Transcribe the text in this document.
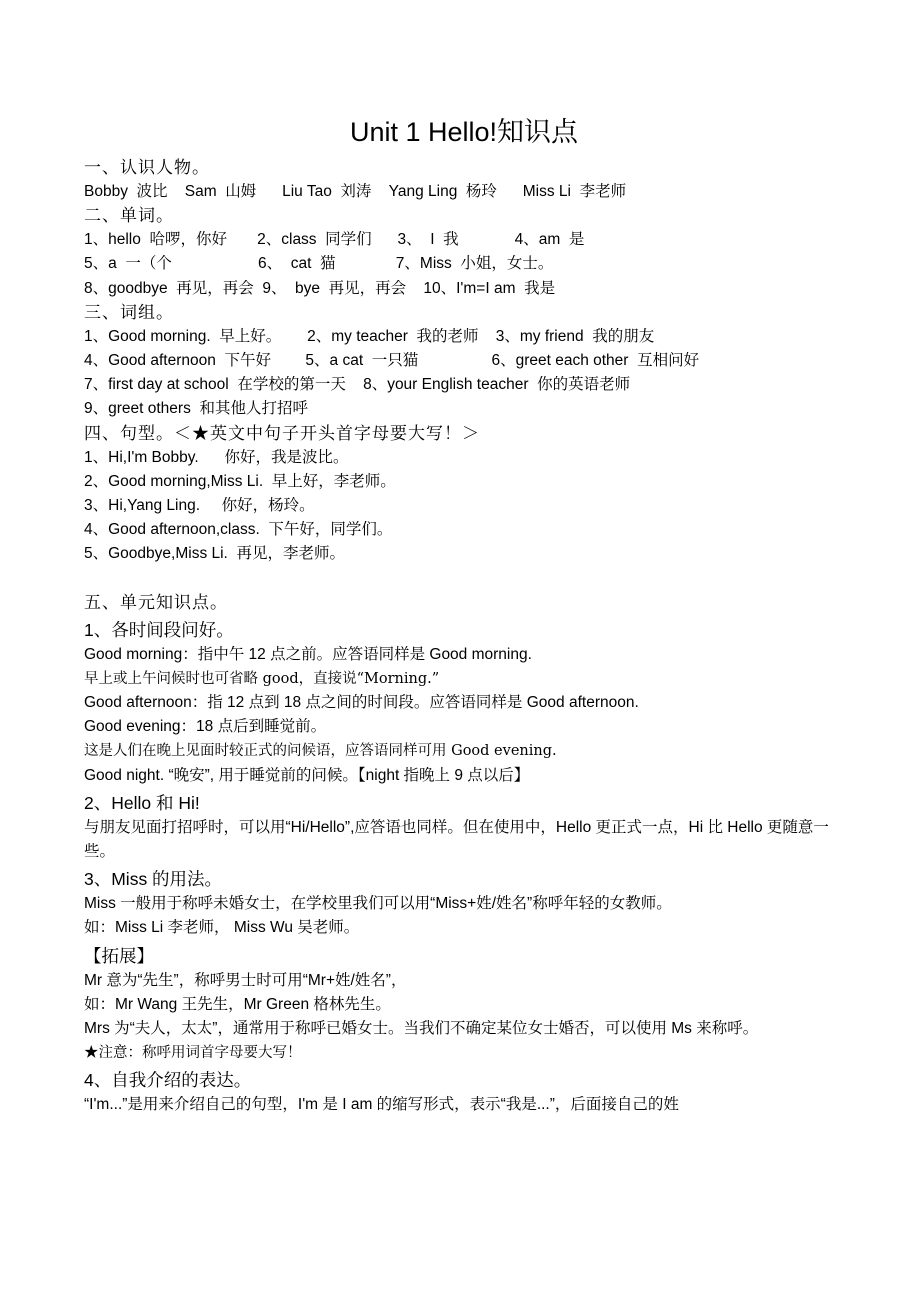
Unit 1 Hello!知识点
一、认识人物。
Bobby  波比    Sam  山姆      Liu Tao  刘涛    Yang Ling  杨玲      Miss Li  李老师
二、单词。
1、hello  哈啰，你好       2、class  同学们      3、  I  我             4、am  是
5、a  一（个                    6、  cat  猫              7、Miss  小姐，女士。
8、goodbye  再见，再会  9、  bye  再见，再会    10、I'm=I am  我是
三、词组。
1、Good morning.  早上好。      2、my teacher  我的老师    3、my friend  我的朋友
4、Good afternoon  下午好        5、a cat  一只猫                 6、greet each other  互相问好
7、first day at school  在学校的第一天    8、your English teacher  你的英语老师
9、greet others  和其他人打招呼
四、句型。＜★英文中句子开头首字母要大写！＞
1、Hi,I'm Bobby.      你好，我是波比。
2、Good morning,Miss Li.  早上好，李老师。
3、Hi,Yang Ling.     你好，杨玲。
4、Good afternoon,class.  下午好，同学们。
5、Goodbye,Miss Li.  再见，李老师。
五、单元知识点。
1、各时间段问好。
Good morning：指中午 12 点之前。应答语同样是 Good morning.
早上或上午问候时也可省略 good，直接说“Morning.”
Good afternoon：指 12 点到 18 点之间的时间段。应答语同样是 Good afternoon.
Good evening：18 点后到睡觉前。
这是人们在晚上见面时较正式的问候语，应答语同样可用 Good evening.
Good night. “晚安”, 用于睡觉前的问候。【night 指晚上 9 点以后】
2、Hello 和 Hi!
与朋友见面打招呼时，可以用“Hi/Hello”,应答语也同样。但在使用中，Hello 更正式一点，Hi 比 Hello 更随意一些。
3、Miss 的用法。
Miss 一般用于称呼未婚女士，在学校里我们可以用“Miss+姓/姓名”称呼年轻的女教师。
如：Miss Li 李老师， Miss Wu 吴老师。
【拓展】
Mr 意为“先生”，称呼男士时可用“Mr+姓/姓名”，
如：Mr Wang 王先生，Mr Green 格林先生。
Mrs 为“夫人，太太”，通常用于称呼已婚女士。当我们不确定某位女士婚否，可以使用 Ms 来称呼。
★注意：称呼用词首字母要大写！
4、自我介绍的表达。
“I'm...”是用来介绍自己的句型，I'm 是 I am 的缩写形式，表示“我是...”，后面接自己的姓
